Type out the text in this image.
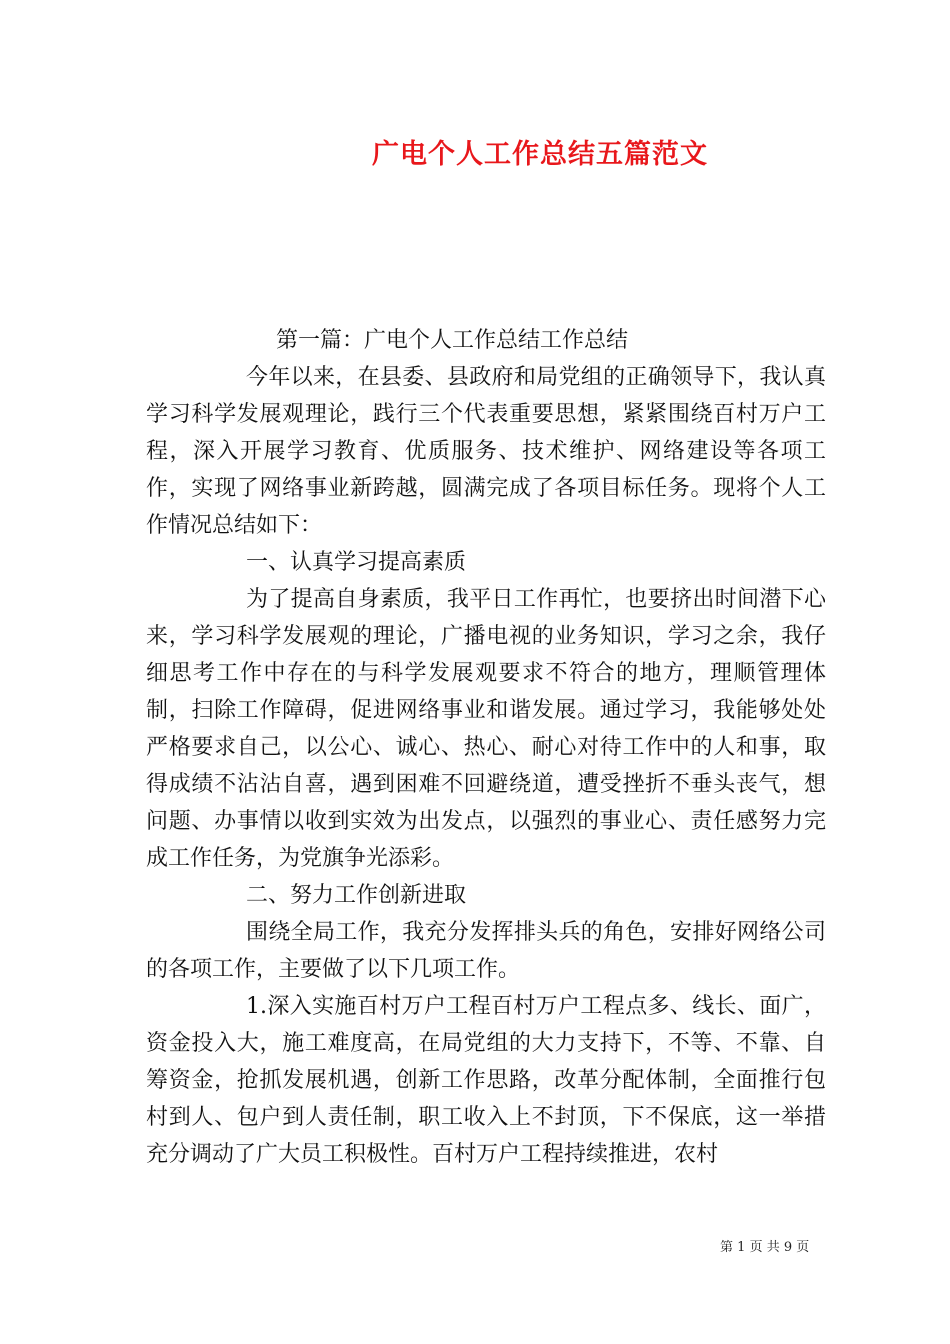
广电个人工作总结五篇范文

第一篇：广电个人工作总结工作总结

今年以来，在县委、县政府和局党组的正确领导下，我认真学习科学发展观理论，践行三个代表重要思想，紧紧围绕百村万户工程，深入开展学习教育、优质服务、技术维护、网络建设等各项工作，实现了网络事业新跨越，圆满完成了各项目标任务。现将个人工作情况总结如下：

一、认真学习提高素质

为了提高自身素质，我平日工作再忙，也要挤出时间潜下心来，学习科学发展观的理论，广播电视的业务知识，学习之余，我仔细思考工作中存在的与科学发展观要求不符合的地方，理顺管理体制，扫除工作障碍，促进网络事业和谐发展。通过学习，我能够处处严格要求自己，以公心、诚心、热心、耐心对待工作中的人和事，取得成绩不沾沾自喜，遇到困难不回避绕道，遭受挫折不垂头丧气，想问题、办事情以收到实效为出发点，以强烈的事业心、责任感努力完成工作任务，为党旗争光添彩。

二、努力工作创新进取

围绕全局工作，我充分发挥排头兵的角色，安排好网络公司的各项工作，主要做了以下几项工作。

1.深入实施百村万户工程百村万户工程点多、线长、面广，资金投入大，施工难度高，在局党组的大力支持下，不等、不靠、自筹资金，抢抓发展机遇，创新工作思路，改革分配体制，全面推行包村到人、包户到人责任制，职工收入上不封顶，下不保底，这一举措充分调动了广大员工积极性。百村万户工程持续推进，农村

第 1 页 共 9 页
